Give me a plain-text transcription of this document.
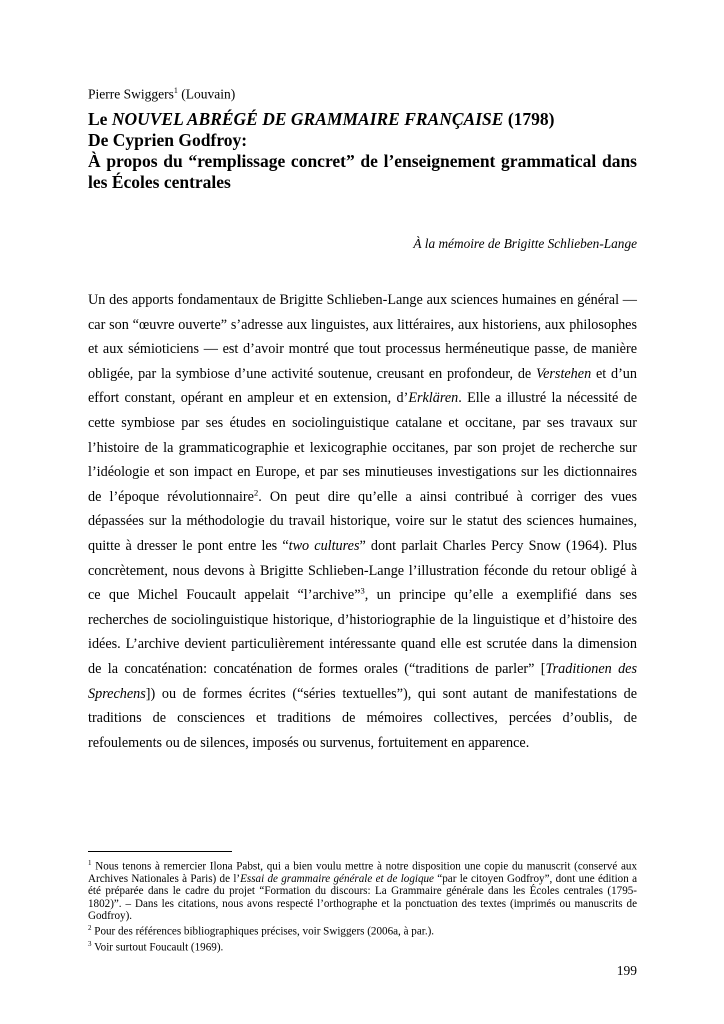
Pierre Swiggers$^1$ (Louvain)
Le NOUVEL ABRÉGÉ DE GRAMMAIRE FRANÇAISE (1798)
De Cyprien Godfroy:
À propos du “remplissage concret” de l’enseignement grammatical dans les Écoles centrales
À la mémoire de Brigitte Schlieben-Lange

Un des apports fondamentaux de Brigitte Schlieben-Lange aux sciences humaines en général — car son “œuvre ouverte” s’adresse aux linguistes, aux littéraires, aux historiens, aux philosophes et aux sémioticiens — est d’avoir montré que tout processus herméneutique passe, de manière obligée, par la symbiose d’une activité soutenue, creusant en profondeur, de Verstehen et d’un effort constant, opérant en ampleur et en extension, d’Erklären. Elle a illustré la nécessité de cette symbiose par ses études en sociolinguistique catalane et occitane, par ses travaux sur l’histoire de la grammaticographie et lexicographie occitanes, par son projet de recherche sur l’idéologie et son impact en Europe, et par ses minutieuses investigations sur les dictionnaires de l’époque révolutionnaire$^2$. On peut dire qu’elle a ainsi contribué à corriger des vues dépassées sur la méthodologie du travail historique, voire sur le statut des sciences humaines, quitte à dresser le pont entre les “two cultures” dont parlait Charles Percy Snow (1964). Plus concrètement, nous devons à Brigitte Schlieben-Lange l’illustration féconde du retour obligé à ce que Michel Foucault appelait “l’archive”$^3$, un principe qu’elle a exemplifié dans ses recherches de sociolinguistique historique, d’historiographie de la linguistique et d’histoire des idées. L’archive devient particulièrement intéressante quand elle est scrutée dans la dimension de la concaténation: concaténation de formes orales (“traditions de parler” [Traditionen des Sprechens]) ou de formes écrites (“séries textuelles”), qui sont autant de manifestations de traditions de consciences et traditions de mémoires collectives, percées d’oublis, de refoulements ou de silences, imposés ou survenus, fortuitement en apparence.

$^1$ Nous tenons à remercier Ilona Pabst, qui a bien voulu mettre à notre disposition une copie du manuscrit (conservé aux Archives Nationales à Paris) de l’Essai de grammaire générale et de logique “par le citoyen Godfroy”, dont une édition a été préparée dans le cadre du projet “Formation du discours: La Grammaire générale dans les Écoles centrales (1795-1802)”. – Dans les citations, nous avons respecté l’orthographe et la ponctuation des textes (imprimés ou manuscrits de Godfroy).

$^2$ Pour des références bibliographiques précises, voir Swiggers (2006a, à par.).

$^3$ Voir surtout Foucault (1969).

199
